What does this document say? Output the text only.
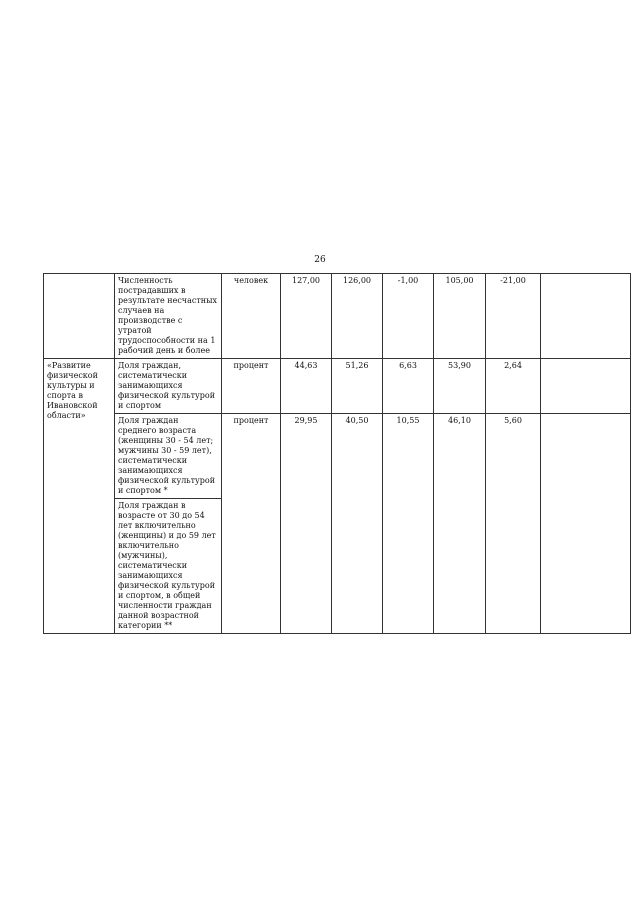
26
	Численность пострадавших в результате несчастных случаев на производстве с утратой трудоспособности на 1 рабочий день и более	человек	127,00	126,00	-1,00	105,00	-21,00	
«Развитие физической культуры и спорта в Ивановской области»	Доля граждан, систематически занимающихся физической культурой и спортом	процент	44,63	51,26	6,63	53,90	2,64	
	Доля граждан среднего возраста (женщины 30 - 54 лет; мужчины 30 - 59 лет), систематически занимающихся физической культурой и спортом *	процент	29,95	40,50	10,55	46,10	5,60	
	Доля граждан в возрасте от 30 до 54 лет включительно (женщины) и до 59 лет включительно (мужчины), систематически занимающихся физической культурой и спортом, в общей численности граждан данной возрастной категории **							
